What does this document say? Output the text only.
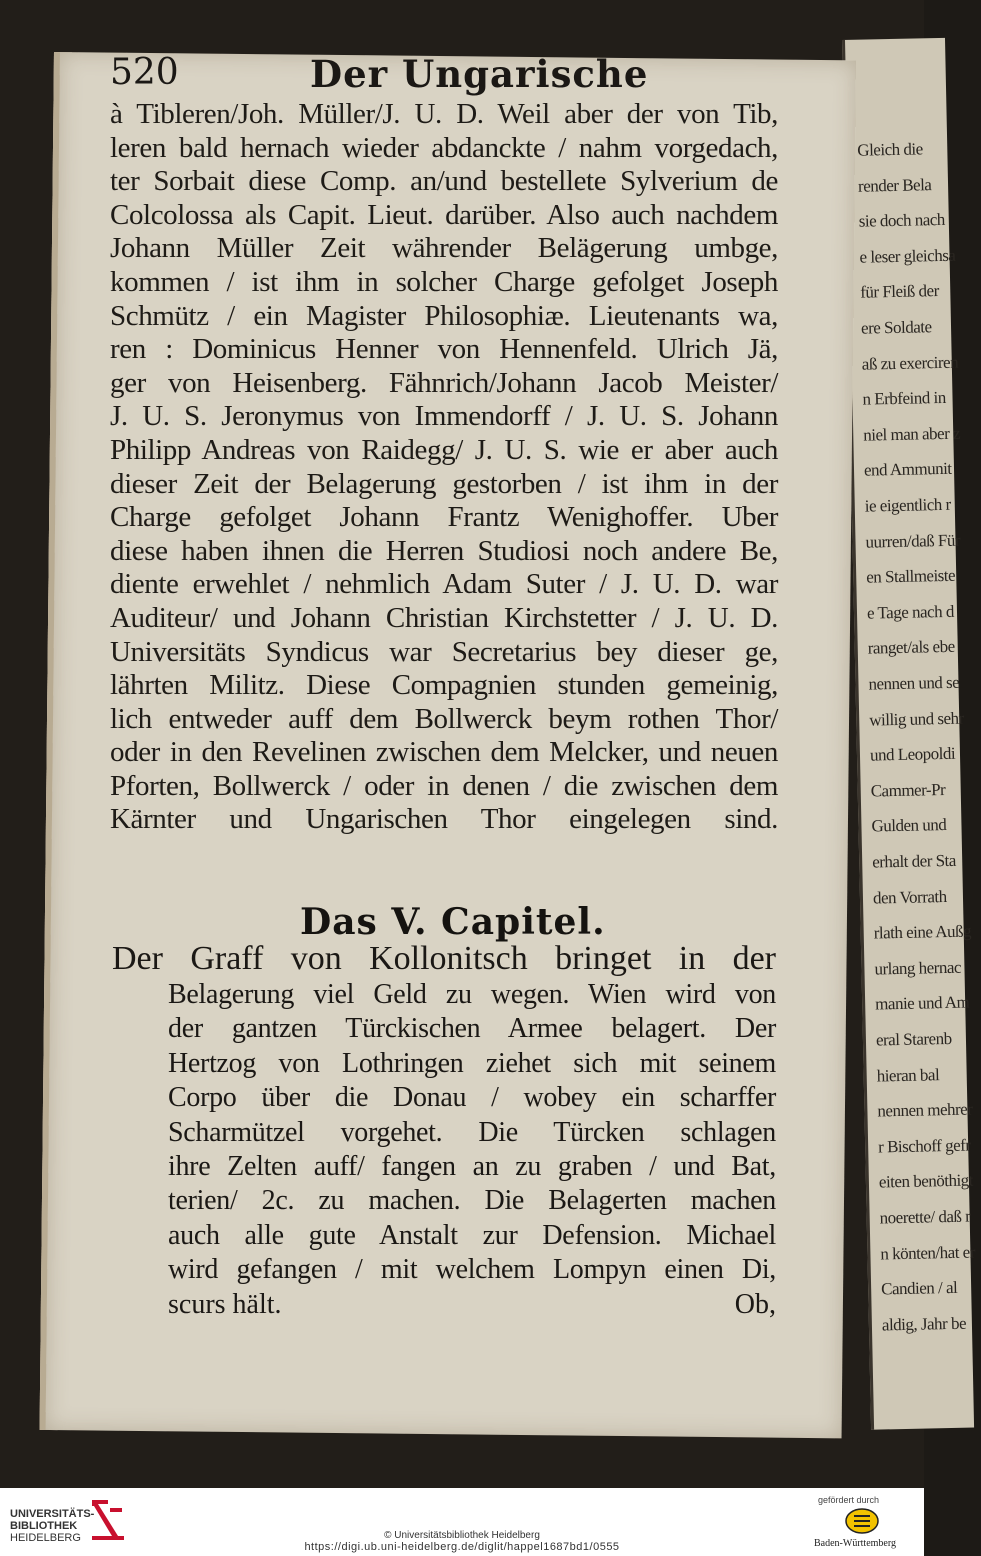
Gleich die
render Bela
sie doch nach
e leser gleichsa
für Fleiß der
ere Soldate
aß zu exerciren
n Erbfeind in
niel man aber z
end Ammunit
ie eigentlich r
uurren/daß Für
en Stallmeiste
e Tage nach d
ranget/als ebe
nennen und se
willig und sehr
und Leopoldi
Cammer-Pr
Gulden und
erhalt der Sta
den Vorrath
rlath eine Außg
urlang hernac
manie und Am
eral Starenb
hieran bal
nennen mehrer
r Bischoff gefr
eiten benöthigt
noerette/ daß r
n könten/hat er
Candien / al
aldig, Jahr be
520	Der Ungarische
à Tibleren/Joh. Müller/J. U. D. Weil aber der von Tib,
leren bald hernach wieder abdanckte / nahm vorgedach,
ter Sorbait diese Comp. an/und bestellete Sylverium de
Colcolossa als Capit. Lieut. darüber. Also auch nachdem
Johann Müller Zeit währender Belägerung umbge,
kommen / ist ihm in solcher Charge gefolget Joseph
Schmütz / ein Magister Philosophiæ. Lieutenants wa,
ren : Dominicus Henner von Hennenfeld. Ulrich Jä,
ger von Heisenberg. Fähnrich/Johann Jacob Meister/
J. U. S. Jeronymus von Immendorff / J. U. S. Johann
Philipp Andreas von Raidegg/ J. U. S. wie er aber auch
dieser Zeit der Belagerung gestorben / ist ihm in der
Charge gefolget Johann Frantz Wenighoffer. Uber
diese haben ihnen die Herren Studiosi noch andere Be,
diente erwehlet / nehmlich Adam Suter / J. U. D. war
Auditeur/ und Johann Christian Kirchstetter / J. U. D.
Universitäts Syndicus war Secretarius bey dieser ge,
lährten Militz. Diese Compagnien stunden gemeinig,
lich entweder auff dem Bollwerck beym rothen Thor/
oder in den Revelinen zwischen dem Melcker, und neuen
Pforten, Bollwerck / oder in denen / die zwischen dem
Kärnter und Ungarischen Thor eingelegen sind.
Das V. Capitel.
Der Graff von Kollonitsch bringet in der
Belagerung viel Geld zu wegen. Wien wird von
der gantzen Türckischen Armee belagert. Der
Hertzog von Lothringen ziehet sich mit seinem
Corpo über die Donau / wobey ein scharffer
Scharmützel vorgehet. Die Türcken schlagen
ihre Zelten auff/ fangen an zu graben / und Bat,
terien/ 2c. zu machen. Die Belagerten machen
auch alle gute Anstalt zur Defension. Michael
wird gefangen / mit welchem Lompyn einen Di,
scurs hält.	Ob,
UNIVERSITÄTS-
BIBLIOTHEK
HEIDELBERG	© Universitätsbibliothek Heidelberg
https://digi.ub.uni-heidelberg.de/diglit/happel1687bd1/0555
gefördert durch
Baden-Württemberg
